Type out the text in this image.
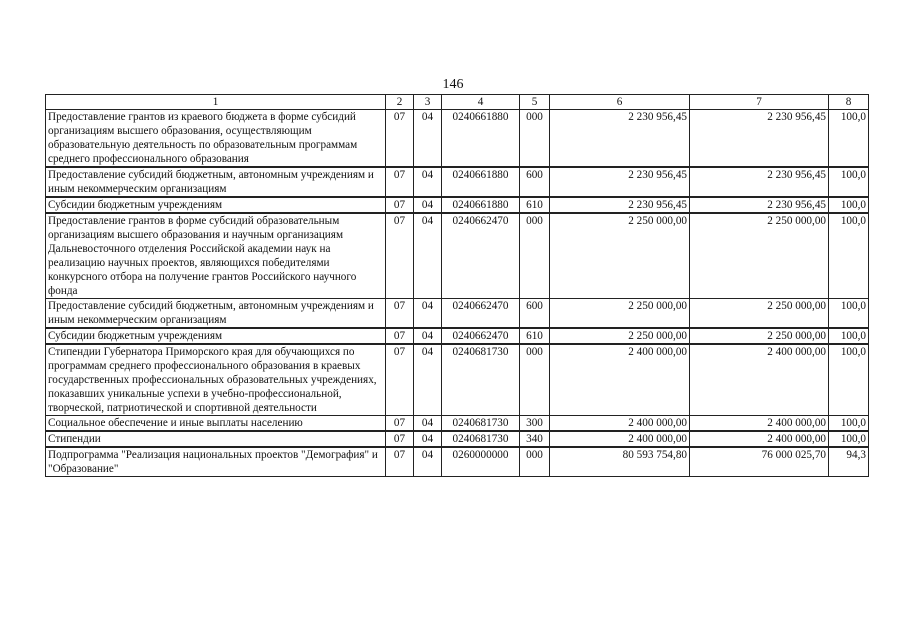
146
1	2	3	4	5	6	7	8
Предоставление грантов из краевого бюджета в форме субсидий организациям высшего образования, осуществляющим образовательную деятельность по образовательным программам среднего профессионального образования	07	04	0240661880	000	2 230 956,45	2 230 956,45	100,0
Предоставление субсидий бюджетным, автономным учреждениям и иным некоммерческим организациям	07	04	0240661880	600	2 230 956,45	2 230 956,45	100,0
Субсидии бюджетным учреждениям	07	04	0240661880	610	2 230 956,45	2 230 956,45	100,0
Предоставление грантов в форме субсидий образовательным организациям высшего образования и научным организациям Дальневосточного отделения Российской академии наук на реализацию научных проектов, являющихся победителями конкурсного отбора на получение грантов Российского научного фонда	07	04	0240662470	000	2 250 000,00	2 250 000,00	100,0
Предоставление субсидий бюджетным, автономным учреждениям и иным некоммерческим организациям	07	04	0240662470	600	2 250 000,00	2 250 000,00	100,0
Субсидии бюджетным учреждениям	07	04	0240662470	610	2 250 000,00	2 250 000,00	100,0
Стипендии Губернатора Приморского края для обучающихся по программам среднего профессионального образования в краевых государственных профессиональных образовательных учреждениях, показавших уникальные успехи в учебно-профессиональной, творческой, патриотической и спортивной деятельности	07	04	0240681730	000	2 400 000,00	2 400 000,00	100,0
Социальное обеспечение и иные выплаты населению	07	04	0240681730	300	2 400 000,00	2 400 000,00	100,0
Стипендии	07	04	0240681730	340	2 400 000,00	2 400 000,00	100,0
Подпрограмма "Реализация национальных проектов "Демография" и "Образование"	07	04	0260000000	000	80 593 754,80	76 000 025,70	94,3
